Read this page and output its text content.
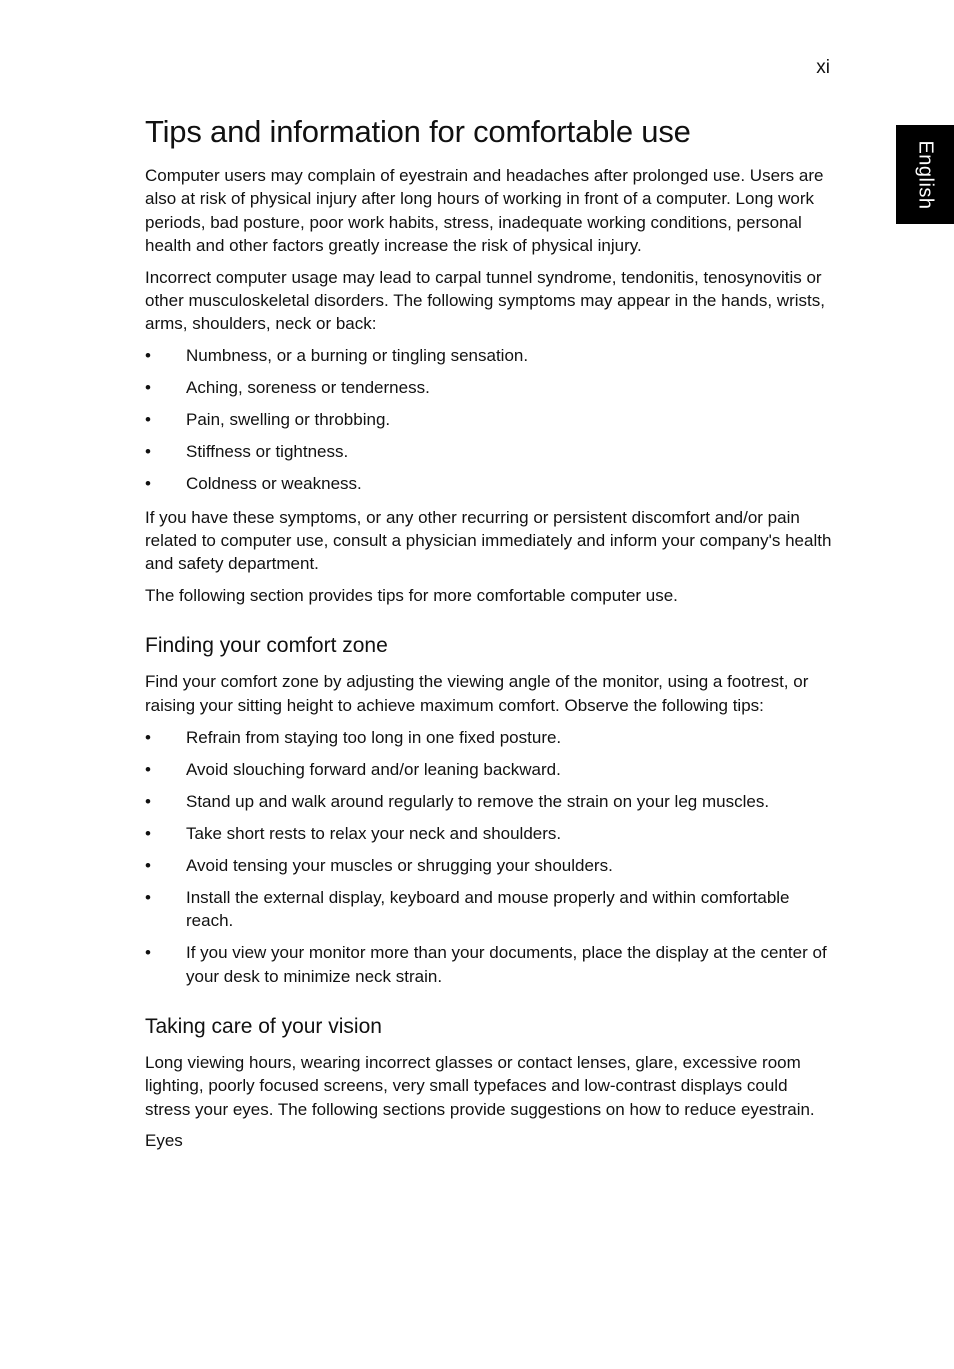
xi
English
Tips and information for comfortable use

Computer users may complain of eyestrain and headaches after prolonged use. Users are also at risk of physical injury after long hours of working in front of a computer. Long work periods, bad posture, poor work habits, stress, inadequate working conditions, personal health and other factors greatly increase the risk of physical injury.

Incorrect computer usage may lead to carpal tunnel syndrome, tendonitis, tenosynovitis or other musculoskeletal disorders. The following symptoms may appear in the hands, wrists, arms, shoulders, neck or back:

• Numbness, or a burning or tingling sensation.
• Aching, soreness or tenderness.
• Pain, swelling or throbbing.
• Stiffness or tightness.
• Coldness or weakness.

If you have these symptoms, or any other recurring or persistent discomfort and/or pain related to computer use, consult a physician immediately and inform your company's health and safety department.

The following section provides tips for more comfortable computer use.

Finding your comfort zone

Find your comfort zone by adjusting the viewing angle of the monitor, using a footrest, or raising your sitting height to achieve maximum comfort. Observe the following tips:

• Refrain from staying too long in one fixed posture.
• Avoid slouching forward and/or leaning backward.
• Stand up and walk around regularly to remove the strain on your leg muscles.
• Take short rests to relax your neck and shoulders.
• Avoid tensing your muscles or shrugging your shoulders.
• Install the external display, keyboard and mouse properly and within comfortable reach.
• If you view your monitor more than your documents, place the display at the center of your desk to minimize neck strain.
Taking care of your vision

Long viewing hours, wearing incorrect glasses or contact lenses, glare, excessive room lighting, poorly focused screens, very small typefaces and low-contrast displays could stress your eyes. The following sections provide suggestions on how to reduce eyestrain.

Eyes
